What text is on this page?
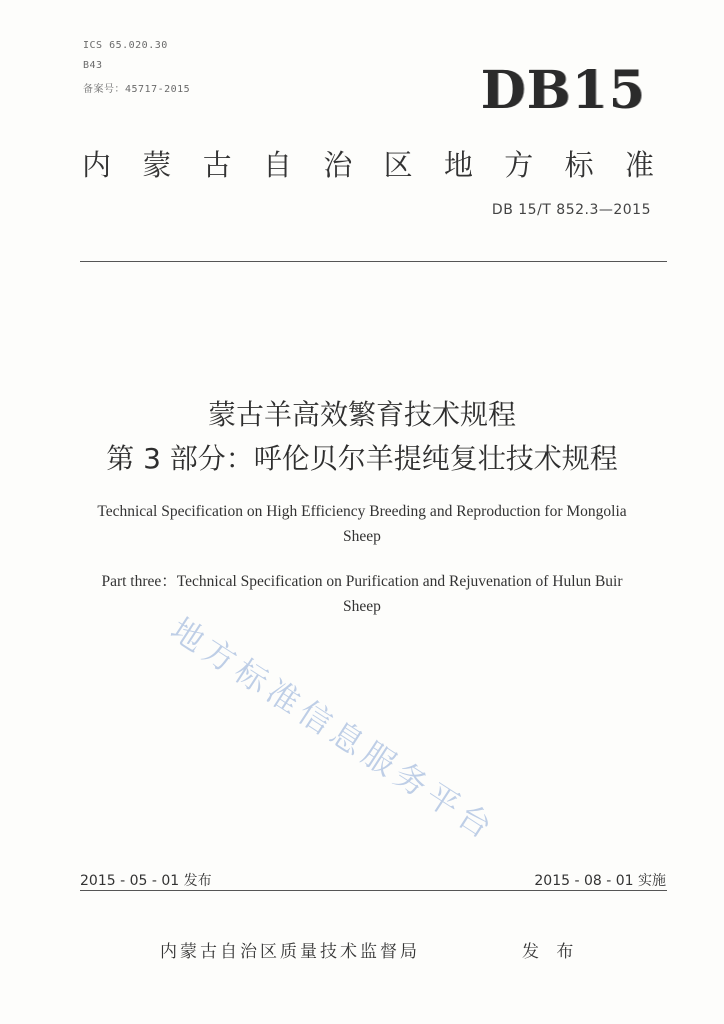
ICS 65.020.30
B43
备案号：45717-2015	DB15
内 蒙 古 自 治 区 地 方 标 准
DB 15/T 852.3—2015
蒙古羊高效繁育技术规程
第 3 部分：呼伦贝尔羊提纯复壮技术规程
Technical Specification on High Efficiency Breeding and Reproduction for Mongolia
Sheep
Part three：Technical Specification on Purification and Rejuvenation of Hulun Buir
Sheep
地方标准信息服务平台
2015 - 05 - 01 发布	2015 - 08 - 01 实施
内蒙古自治区质量技术监督局	发 布
